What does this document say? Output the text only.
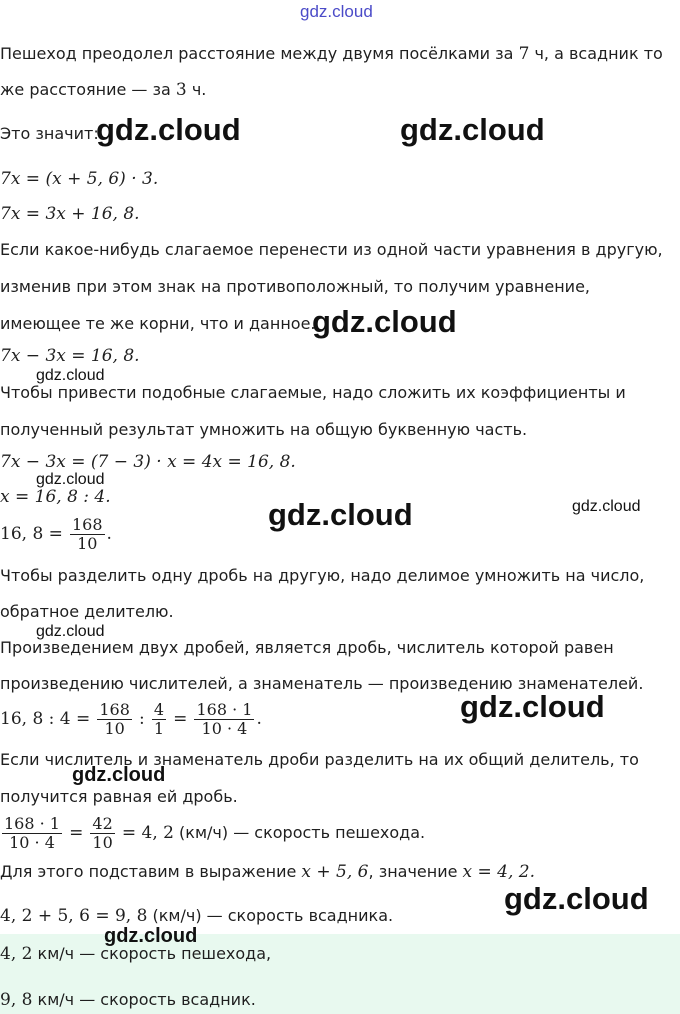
gdz.cloud
Пешеход преодолел расстояние между двумя посёлками за 7 ч, а всадник то
же расстояние — за 3 ч.
Это значит:
7x = (x + 5, 6) · 3.
7x = 3x + 16, 8.
Если какое-нибудь слагаемое перенести из одной части уравнения в другую,
изменив при этом знак на противоположный, то получим уравнение,
имеющее те же корни, что и данное.
7x − 3x = 16, 8.
Чтобы привести подобные слагаемые, надо сложить их коэффициенты и
полученный результат умножить на общую буквенную часть.
7x − 3x = (7 − 3) · x = 4x = 16, 8.
x = 16, 8 : 4.
16, $8 = \frac{168}{10}$ .
Чтобы разделить одну дробь на другую, надо делимое умножить на число,
обратное делителю.
Произведением двух дробей, является дробь, числитель которой равен
произведению числителей, а знаменатель — произведению знаменателей.
16, 8 : $4 = \frac{168}{10}$ : $\frac{4}{1} = \frac{168 \cdot 1}{10 \cdot 4}$ .
Если числитель и знаменатель дроби разделить на их общий делитель, то
получится равная ей дробь.
$\frac{168 \cdot 1}{10 \cdot 4} = \frac{42}{10} = 4$, 2 (км/ч) — скорость пешехода.
Для этого подставим в выражение x + 5, 6, значение x = 4, 2.
4, 2 + 5, 6 = 9, 8 (км/ч) — скорость всадника.
4, 2 км/ч — скорость пешехода,
9, 8 км/ч — скорость всадник.
gdz.cloud	gdz.cloud
gdz.cloud
gdz.cloud
gdz.cloud
gdz.cloud	gdz.cloud
gdz.cloud
gdz.cloud
gdz.cloud
gdz.cloud
gdz.cloud
